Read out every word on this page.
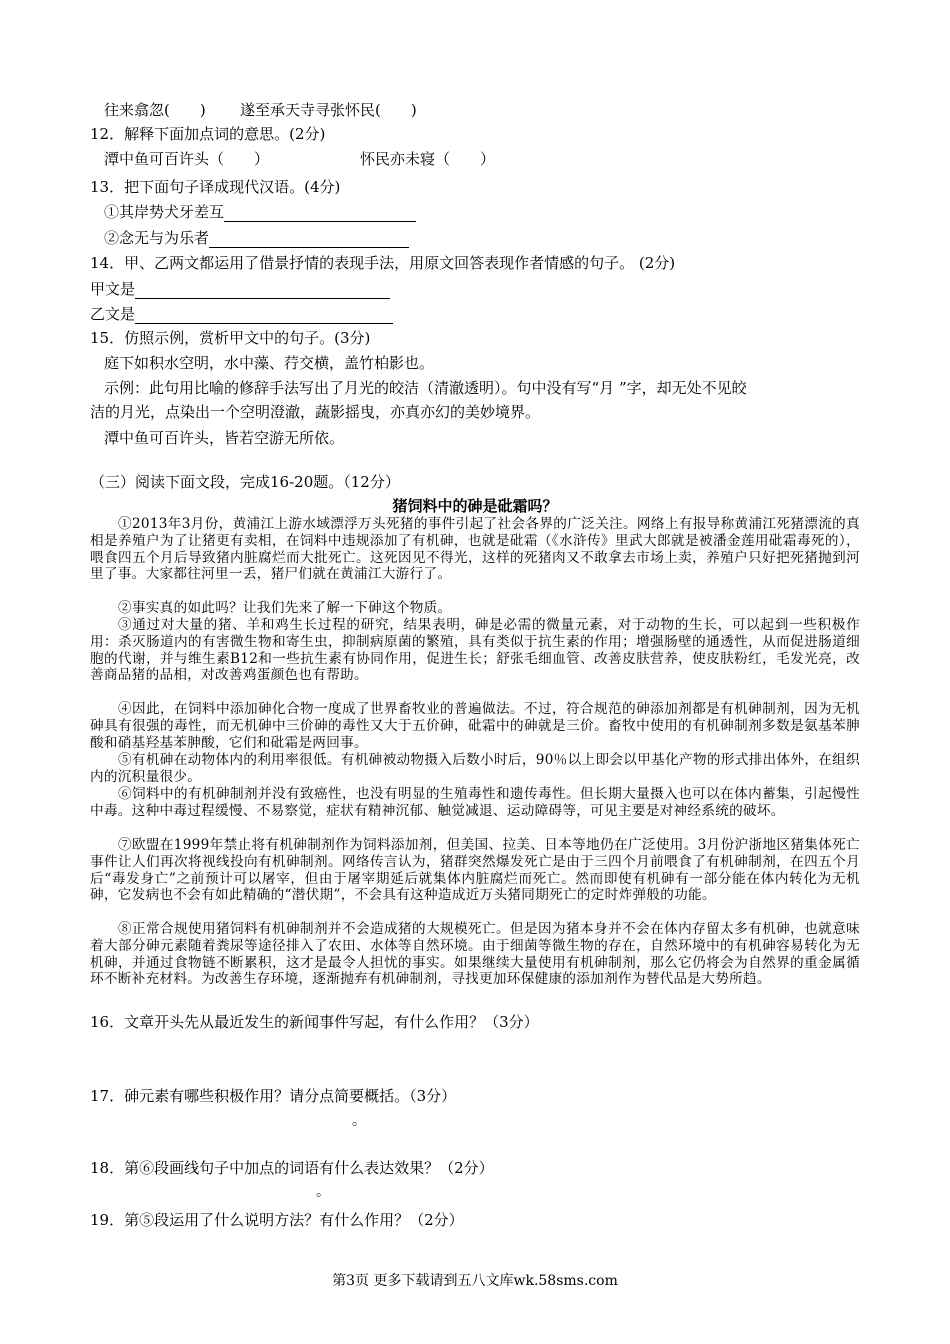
往来翕忽(　　) 遂至承天寺寻张怀民(　　)
12．解释下面加点词的意思。(2分)
潭中鱼可百许头（　　）	怀民亦未寝（　　）
13．把下面句子译成现代汉语。(4分)
①其岸势犬牙差互
②念无与为乐者
14．甲、乙两文都运用了借景抒情的表现手法，用原文回答表现作者情感的句子。 (2分)
甲文是
乙文是
15．仿照示例，赏析甲文中的句子。(3分)
庭下如积水空明，水中藻、荇交横，盖竹柏影也。
示例：此句用比喻的修辞手法写出了月光的皎洁（清澈透明）。句中没有写“月 ”字，却无处不见皎
洁的月光，点染出一个空明澄澈，蔬影摇曳，亦真亦幻的美妙境界。
潭中鱼可百许头，皆若空游无所依。
（三）阅读下面文段，完成16-20题。（12分）
猪饲料中的砷是砒霜吗？
①2013年3月份，黄浦江上游水域漂浮万头死猪的事件引起了社会各界的广泛关注。网络上有报导称黄浦江死猪漂流的真相是养殖户为了让猪更有卖相，在饲料中违规添加了有机砷，也就是砒霜（《水浒传》里武大郎就是被潘金莲用砒霜毒死的），喂食四五个月后导致猪内脏腐烂而大批死亡。这死因见不得光，这样的死猪肉又不敢拿去市场上卖，养殖户只好把死猪抛到河里了事。大家都往河里一丢，猪尸们就在黄浦江大游行了。
②事实真的如此吗？让我们先来了解一下砷这个物质。
③通过对大量的猪、羊和鸡生长过程的研究，结果表明，砷是必需的微量元素，对于动物的生长，可以起到一些积极作用：杀灭肠道内的有害微生物和寄生虫，抑制病原菌的繁殖，具有类似于抗生素的作用；增强肠壁的通透性，从而促进肠道细胞的代谢，并与维生素B12和一些抗生素有协同作用，促进生长；舒张毛细血管、改善皮肤营养，使皮肤粉红，毛发光亮，改善商品猪的品相，对改善鸡蛋颜色也有帮助。
④因此，在饲料中添加砷化合物一度成了世界畜牧业的普遍做法。不过，符合规范的砷添加剂都是有机砷制剂，因为无机砷具有很强的毒性，而无机砷中三价砷的毒性又大于五价砷，砒霜中的砷就是三价。畜牧中使用的有机砷制剂多数是氨基苯胂酸和硝基羟基苯胂酸，它们和砒霜是两回事。
⑤有机砷在动物体内的利用率很低。有机砷被动物摄入后数小时后，90％以上即会以甲基化产物的形式排出体外，在组织内的沉积量很少。
⑥饲料中的有机砷制剂并没有致癌性，也没有明显的生殖毒性和遗传毒性。但长期大量摄入也可以在体内蓄集，引起慢性中毒。这种中毒过程缓慢、不易察觉，症状有精神沉郁、触觉减退、运动障碍等，可见主要是对神经系统的破坏。
⑦欧盟在1999年禁止将有机砷制剂作为饲料添加剂，但美国、拉美、日本等地仍在广泛使用。3月份沪浙地区猪集体死亡事件让人们再次将视线投向有机砷制剂。网络传言认为，猪群突然爆发死亡是由于三四个月前喂食了有机砷制剂，在四五个月后“毒发身亡”之前预计可以屠宰，但由于屠宰期延后就集体内脏腐烂而死亡。然而即使有机砷有一部分能在体内转化为无机砷，它发病也不会有如此精确的“潜伏期”，不会具有这种造成近万头猪同期死亡的定时炸弹般的功能。
⑧正常合规使用猪饲料有机砷制剂并不会造成猪的大规模死亡。但是因为猪本身并不会在体内存留太多有机砷，也就意味着大部分砷元素随着粪尿等途径排入了农田、水体等自然环境。由于细菌等微生物的存在，自然环境中的有机砷容易转化为无机砷，并通过食物链不断累积，这才是最令人担忧的事实。如果继续大量使用有机砷制剂，那么它仍将会为自然界的重金属循环不断补充材料。为改善生存环境，逐渐抛弃有机砷制剂，寻找更加环保健康的添加剂作为替代品是大势所趋。
16．文章开头先从最近发生的新闻事件写起，有什么作用？（3分）
17．砷元素有哪些积极作用？请分点简要概括。（3分）
。
18．第⑥段画线句子中加点的词语有什么表达效果？（2分）
。
19．第⑤段运用了什么说明方法？有什么作用？（2分）
第3页 更多下载请到五八文库wk.58sms.com
